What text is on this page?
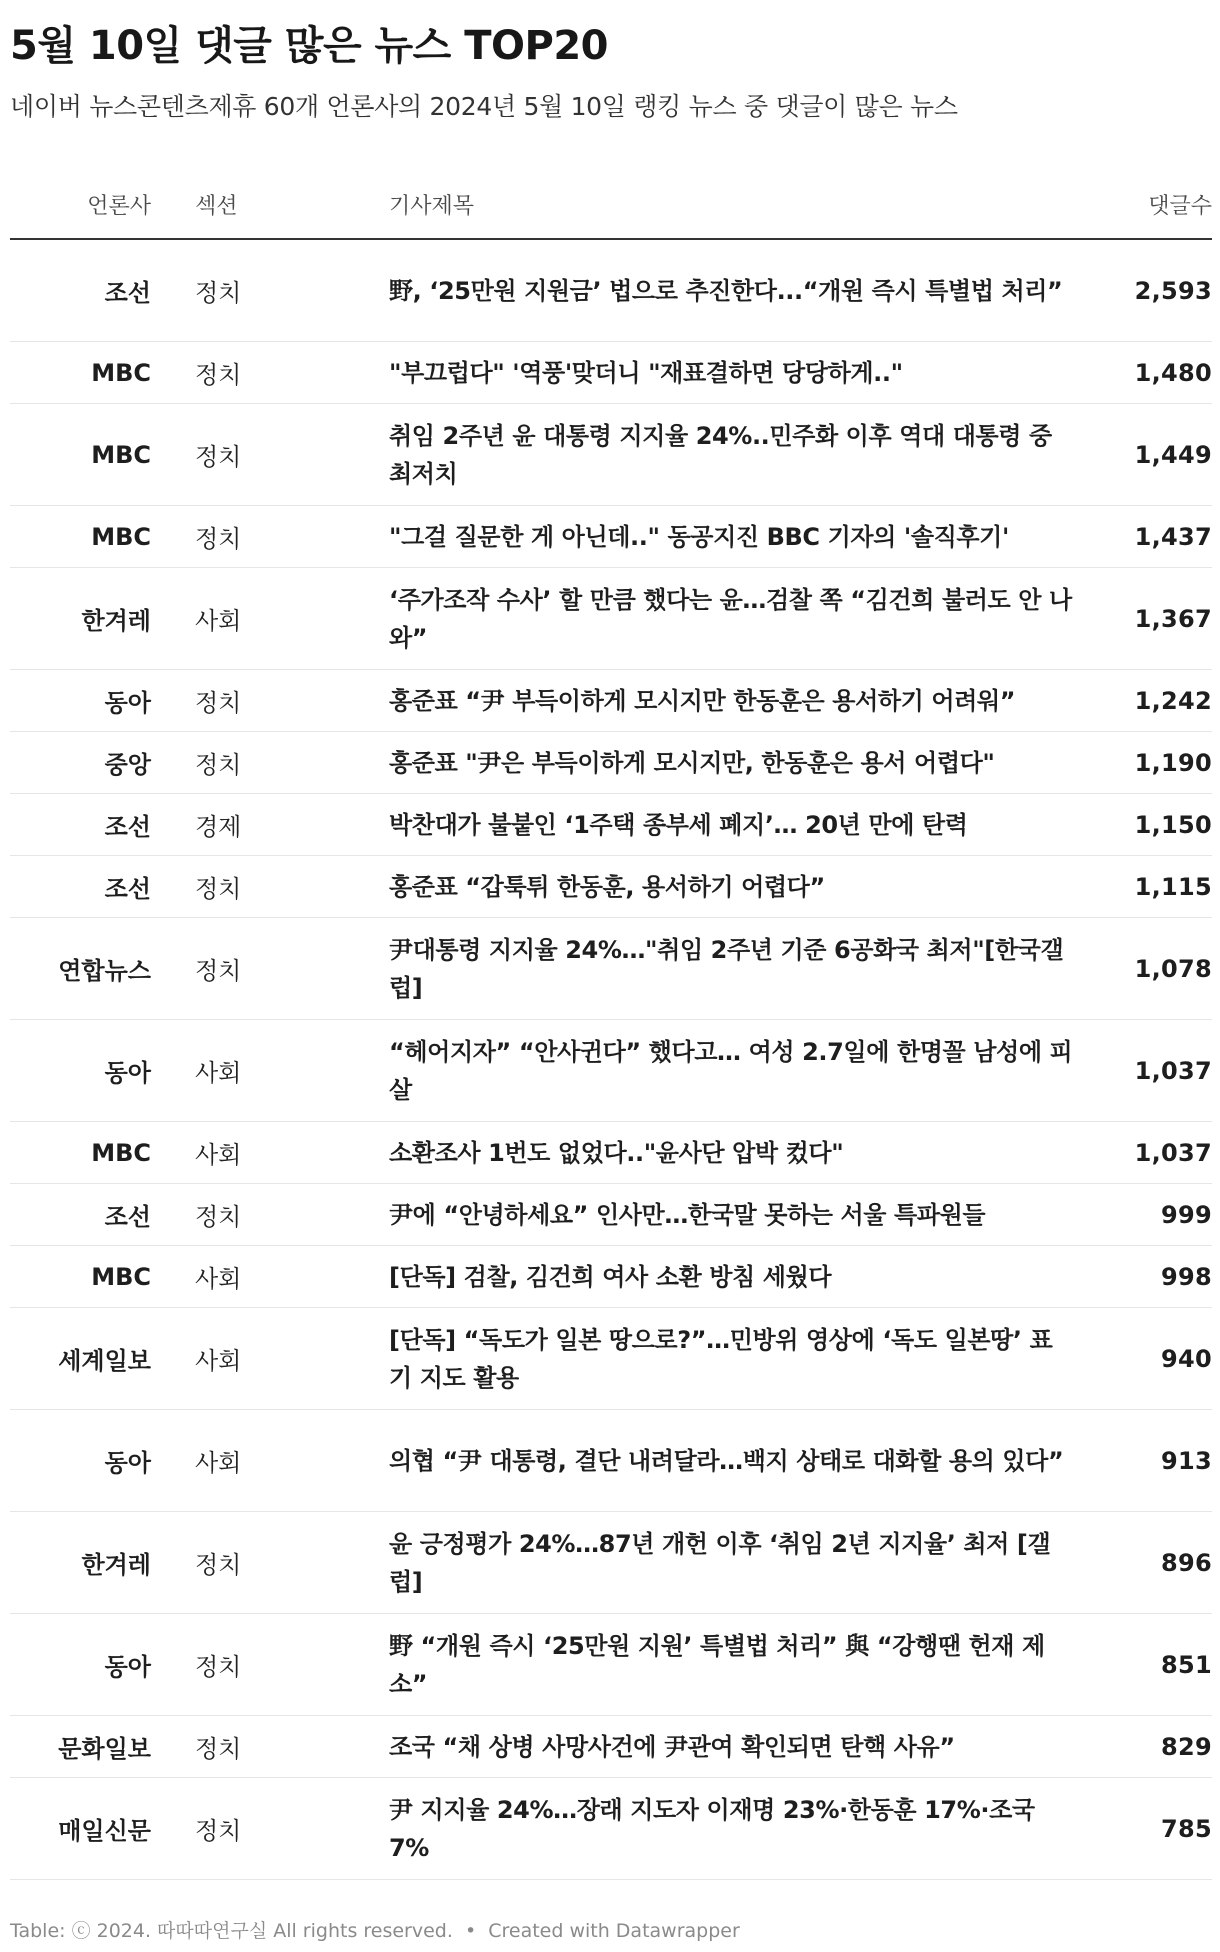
5월 10일 댓글 많은 뉴스 TOP20
네이버 뉴스콘텐츠제휴 60개 언론사의 2024년 5월 10일 랭킹 뉴스 중 댓글이 많은 뉴스
언론사		섹션	기사제목	댓글수
조선		정치	野, ‘25만원 지원금’ 법으로 추진한다...“개원 즉시 특별법 처리”	2,593
MBC		정치	"부끄럽다" '역풍'맞더니 "재표결하면 당당하게.."	1,480
MBC		정치	취임 2주년 윤 대통령 지지율 24%..민주화 이후 역대 대통령 중 최저치	1,449
MBC		정치	"그걸 질문한 게 아닌데.." 동공지진 BBC 기자의 '솔직후기'	1,437
한겨레		사회	‘주가조작 수사’ 할 만큼 했다는 윤…검찰 쪽 “김건희 불러도 안 나와”	1,367
동아		정치	홍준표 “尹 부득이하게 모시지만 한동훈은 용서하기 어려워”	1,242
중앙		정치	홍준표 "尹은 부득이하게 모시지만, 한동훈은 용서 어렵다"	1,190
조선		경제	박찬대가 불붙인 ‘1주택 종부세 폐지’… 20년 만에 탄력	1,150
조선		정치	홍준표 “갑툭튀 한동훈, 용서하기 어렵다”	1,115
연합뉴스		정치	尹대통령 지지율 24%…"취임 2주년 기준 6공화국 최저"[한국갤럽]	1,078
동아		사회	“헤어지자” “안사귄다” 했다고… 여성 2.7일에 한명꼴 남성에 피살	1,037
MBC		사회	소환조사 1번도 없었다.."윤사단 압박 컸다"	1,037
조선		정치	尹에 “안녕하세요” 인사만…한국말 못하는 서울 특파원들	999
MBC		사회	[단독] 검찰, 김건희 여사 소환 방침 세웠다	998
세계일보		사회	[단독] “독도가 일본 땅으로?”…민방위 영상에 ‘독도 일본땅’ 표기 지도 활용	940
동아		사회	의협 “尹 대통령, 결단 내려달라…백지 상태로 대화할 용의 있다”	913
한겨레		정치	윤 긍정평가 24%…87년 개헌 이후 ‘취임 2년 지지율’ 최저 [갤럽]	896
동아		정치	野 “개원 즉시 ‘25만원 지원’ 특별법 처리” 與 “강행땐 헌재 제소”	851
문화일보		정치	조국 “채 상병 사망사건에 尹관여 확인되면 탄핵 사유”	829
매일신문		정치	尹 지지율 24%…장래 지도자 이재명 23%·한동훈 17%·조국 7%	785
Table: ⓒ 2024. 따따따연구실 All rights reserved. • Created with Datawrapper
